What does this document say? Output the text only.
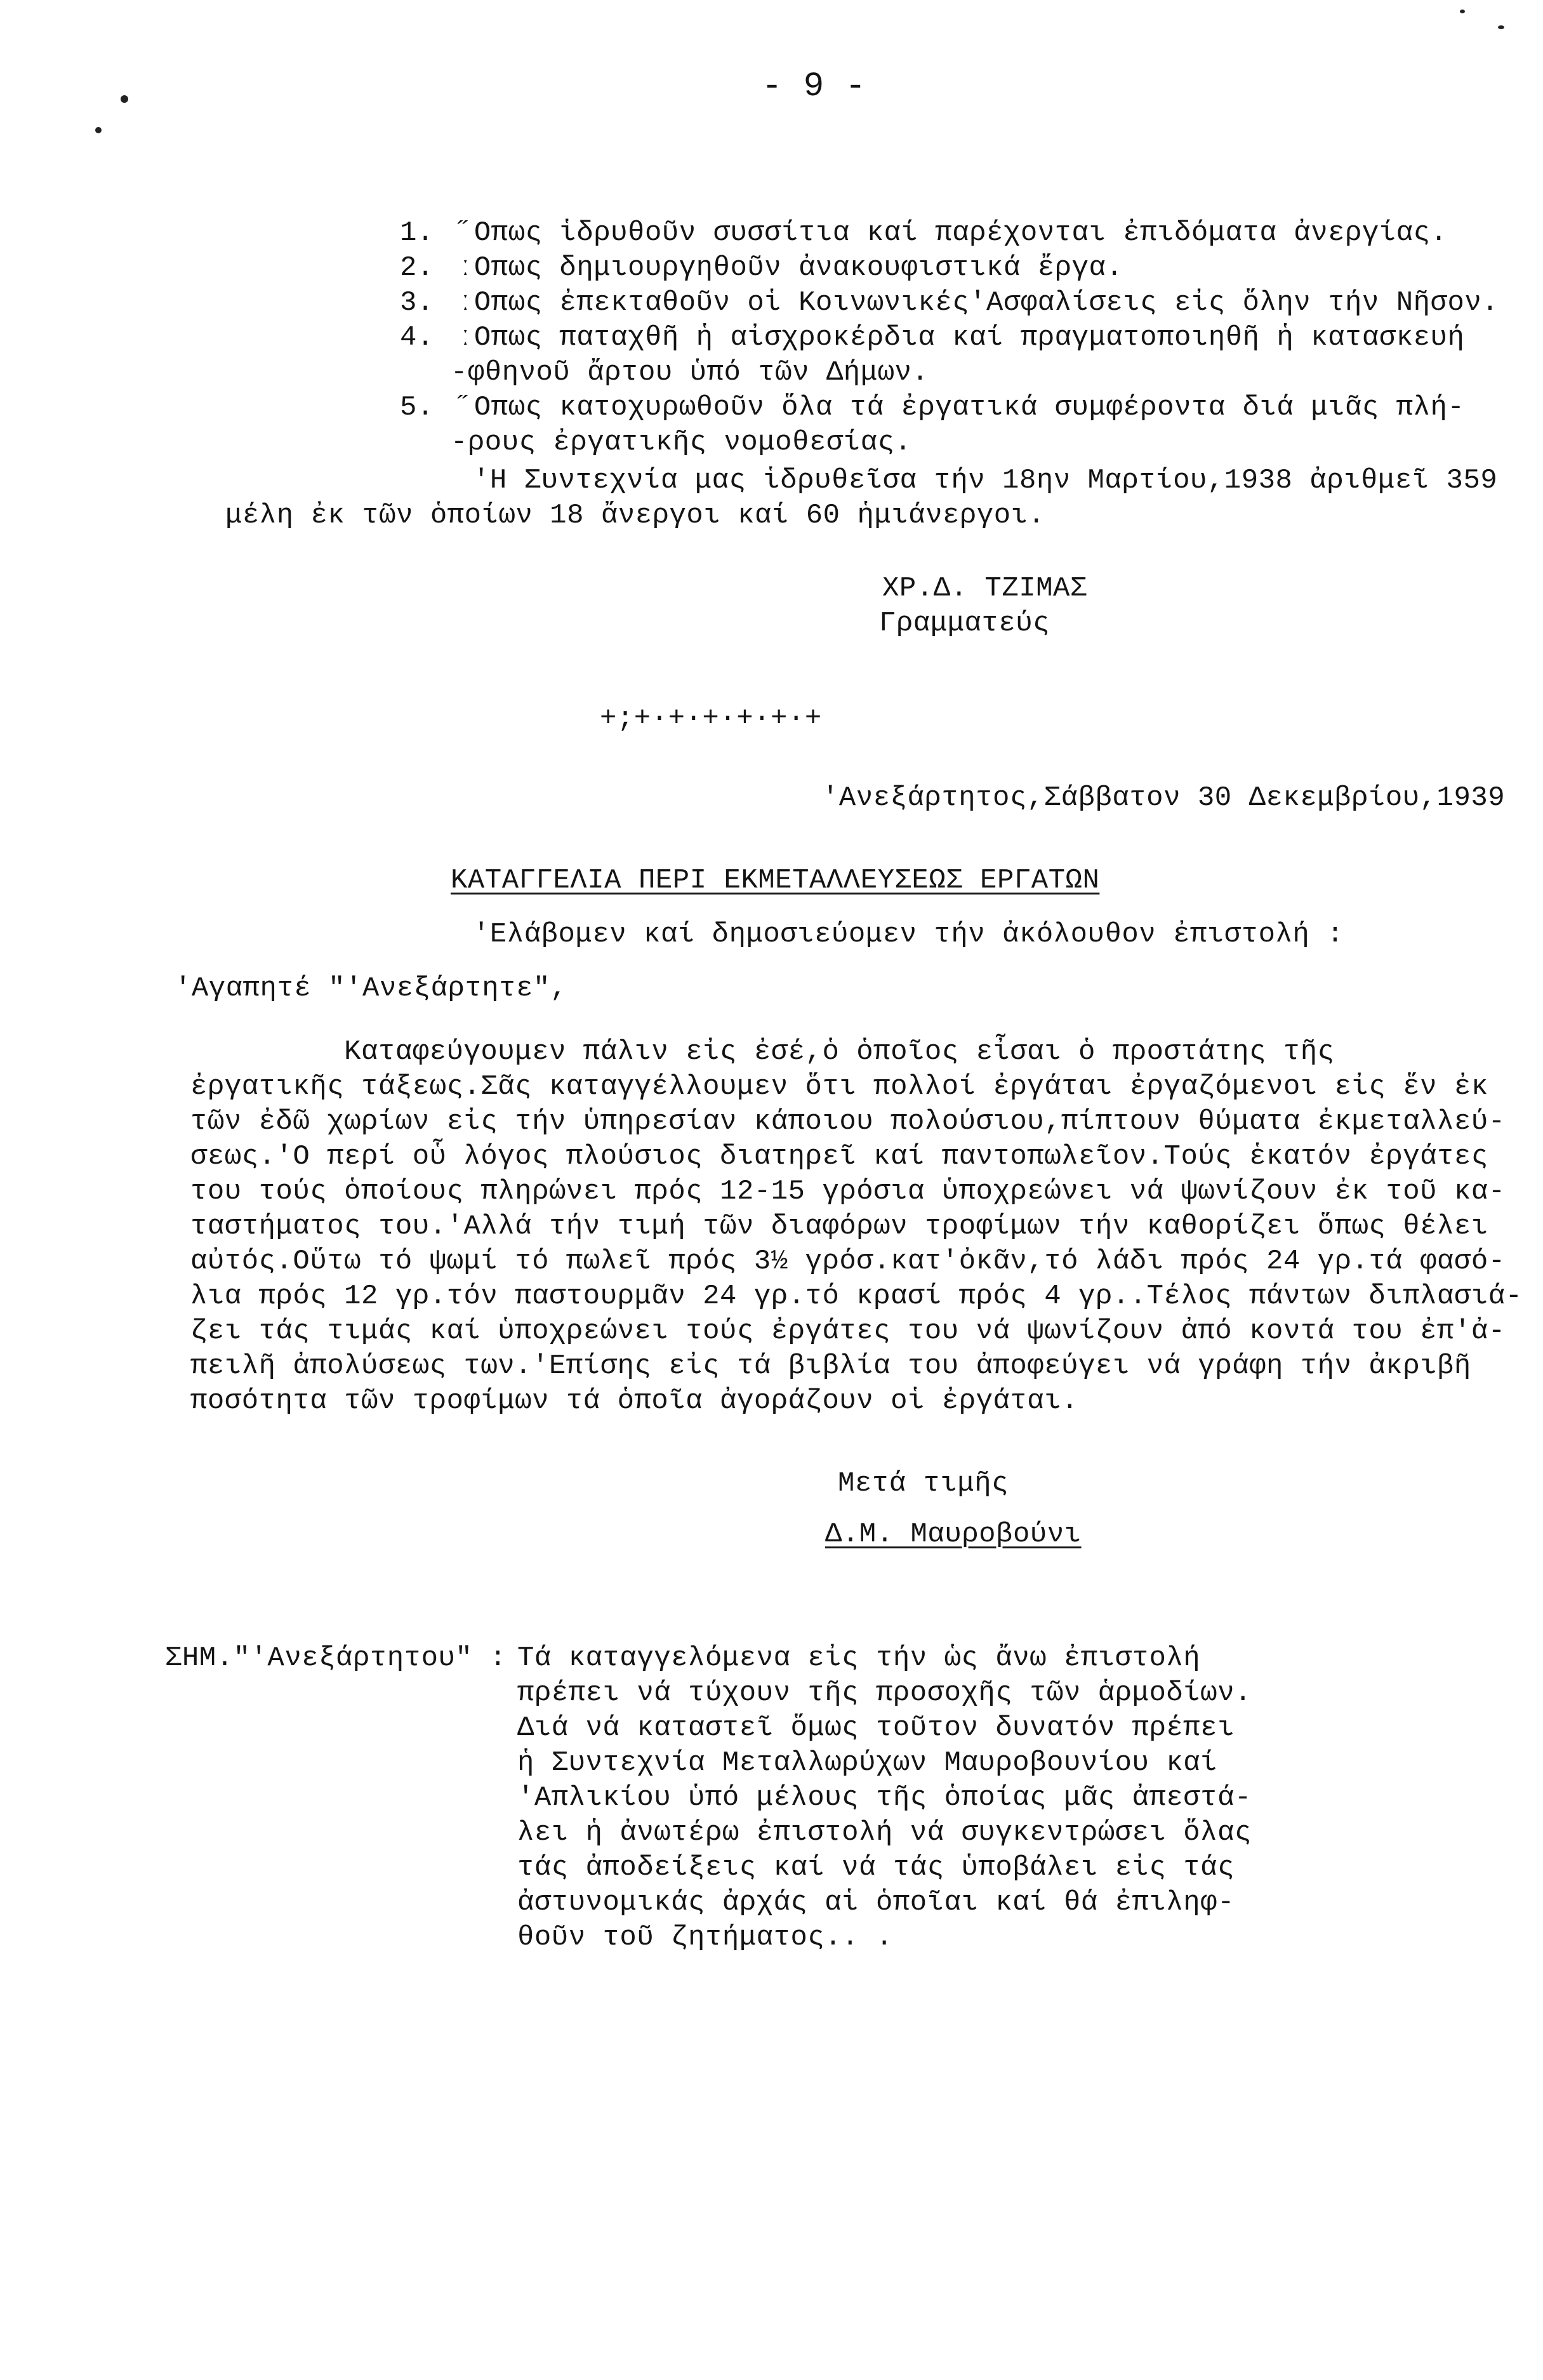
- 9 -
1. ˝Οπως ἱδρυθοῦν συσσίτια καί παρέχονται ἐπιδόματα ἀνεργίας.
2. ːΟπως δημιουργηθοῦν ἀνακουφιστικά ἔργα.
3. ːΟπως ἐπεκταθοῦν οἱ Κοινωνικές'Ασφαλίσεις εἰς ὅλην τήν Νῆσον.
4. ːΟπως παταχθῆ ἡ αἰσχροκέρδια καί πραγματοποιηθῆ ἡ κατασκευή
-φθηνοῦ ἄρτου ὑπό τῶν Δήμων.
5. ˝Οπως κατοχυρωθοῦν ὅλα τά ἐργατικά συμφέροντα διά μιᾶς πλή-
-ρους ἐργατικῆς νομοθεσίας.
'Η Συντεχνία μας ἱδρυθεῖσα τήν 18ην Μαρτίου,1938 ἀριθμεῖ 359
μέλη ἐκ τῶν ὁποίων 18 ἄνεργοι καί 60 ἡμιάνεργοι.
ΧΡ.Δ. ΤΖΙΜΑΣ
Γραμματεύς
+;+·+·+·+·+·+
'Ανεξάρτητος,Σάββατον 30 Δεκεμβρίου,1939
ΚΑΤΑΓΓΕΛΙΑ ΠΕΡΙ ΕΚΜΕΤΑΛΛΕΥΣΕΩΣ ΕΡΓΑΤΩΝ
'Ελάβομεν καί δημοσιεύομεν τήν ἀκόλουθον ἐπιστολή :
'Αγαπητέ "'Ανεξάρτητε",
Καταφεύγουμεν πάλιν εἰς ἐσέ,ὁ ὁποῖος εἶσαι ὁ προστάτης τῆς
ἐργατικῆς τάξεως.Σᾶς καταγγέλλουμεν ὅτι πολλοί ἐργάται ἐργαζόμενοι εἰς ἕν ἐκ
τῶν ἐδῶ χωρίων εἰς τήν ὑπηρεσίαν κάποιου πολούσιου,πίπτουν θύματα ἐκμεταλλεύ-
σεως.'Ο περί οὗ λόγος πλούσιος διατηρεῖ καί παντοπωλεῖον.Τούς ἑκατόν ἐργάτες
του τούς ὁποίους πληρώνει πρός 12-15 γρόσια ὑποχρεώνει νά ψωνίζουν ἐκ τοῦ κα-
ταστήματος του.'Αλλά τήν τιμή τῶν διαφόρων τροφίμων τήν καθορίζει ὅπως θέλει
αὐτός.Οὕτω τό ψωμί τό πωλεῖ πρός 3½ γρόσ.κατ'ὀκᾶν,τό λάδι πρός 24 γρ.τά φασό-
λια πρός 12 γρ.τόν παστουρμᾶν 24 γρ.τό κρασί πρός 4 γρ..Τέλος πάντων διπλασιά-
ζει τάς τιμάς καί ὑποχρεώνει τούς ἐργάτες του νά ψωνίζουν ἀπό κοντά του ἐπ'ἀ-
πειλῆ ἀπολύσεως των.'Επίσης εἰς τά βιβλία του ἀποφεύγει νά γράφη τήν ἀκριβῆ
ποσότητα τῶν τροφίμων τά ὁποῖα ἀγοράζουν οἱ ἐργάται.
Μετά τιμῆς
Δ.Μ. Μαυροβούνι
ΣΗΜ."'Ανεξάρτητου" : Τά καταγγελόμενα εἰς τήν ὡς ἄνω ἐπιστολή
πρέπει νά τύχουν τῆς προσοχῆς τῶν ἁρμοδίων.
Διά νά καταστεῖ ὅμως τοῦτον δυνατόν πρέπει
ἡ Συντεχνία Μεταλλωρύχων Μαυροβουνίου καί
'Απλικίου ὑπό μέλους τῆς ὁποίας μᾶς ἀπεστά-
λει ἡ ἀνωτέρω ἐπιστολή νά συγκεντρώσει ὅλας
τάς ἀποδείξεις καί νά τάς ὑποβάλει εἰς τάς
ἀστυνομικάς ἀρχάς αἱ ὁποῖαι καί θά ἐπιληφ-
θοῦν τοῦ ζητήματος.. .
